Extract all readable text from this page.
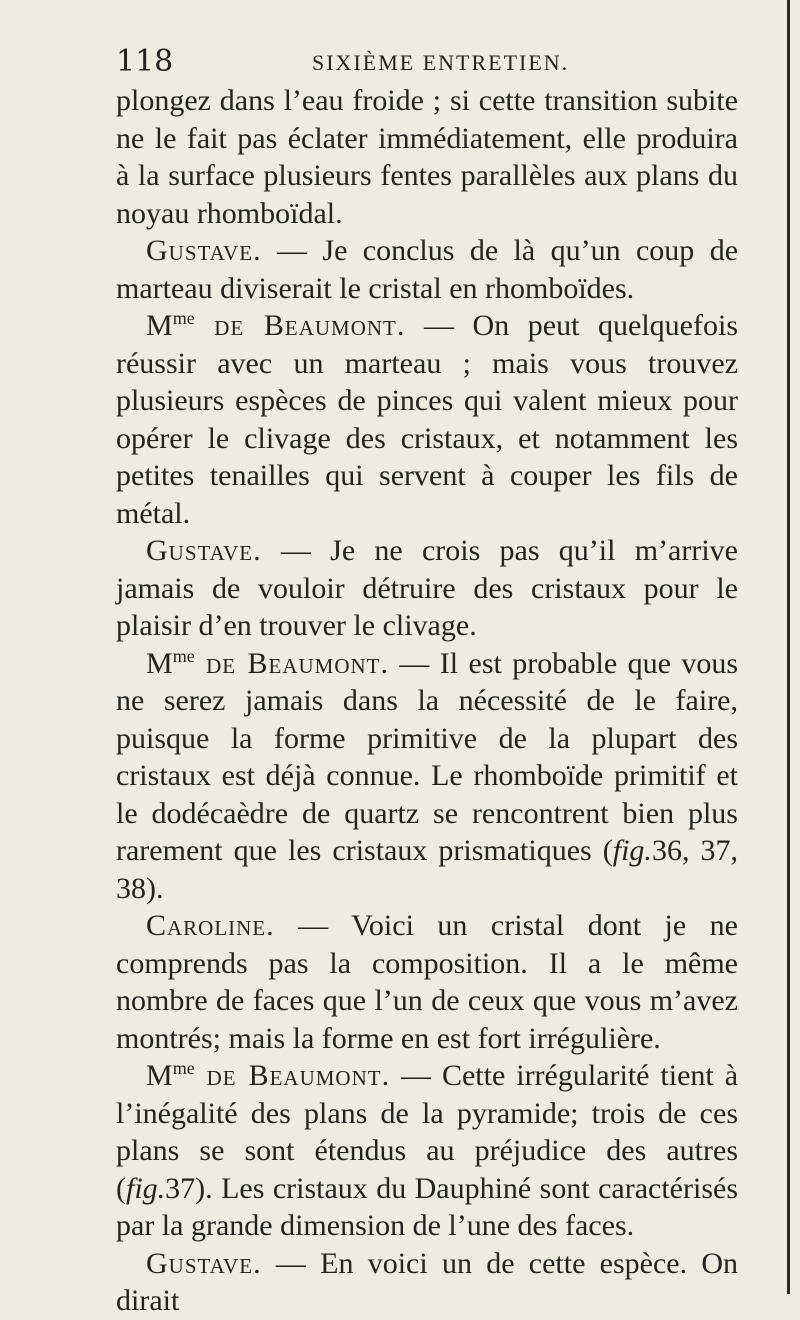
118	SIXIÈME ENTRETIEN.

plongez dans l’eau froide ; si cette transition subite ne le fait pas éclater immédiatement, elle produira à la surface plusieurs fentes parallèles aux plans du noyau rhomboïdal.

Gustave. — Je conclus de là qu’un coup de marteau diviserait le cristal en rhomboïdes.

$M^{me}$ de Beaumont. — On peut quelquefois réussir avec un marteau ; mais vous trouvez plusieurs espèces de pinces qui valent mieux pour opérer le clivage des cristaux, et notamment les petites tenailles qui servent à couper les fils de métal.

Gustave. — Je ne crois pas qu’il m’arrive jamais de vouloir détruire des cristaux pour le plaisir d’en trouver le clivage.

$M^{me}$ de Beaumont. — Il est probable que vous ne serez jamais dans la nécessité de le faire, puisque la forme primitive de la plupart des cristaux est déjà connue. Le rhomboïde primitif et le dodécaèdre de quartz se rencontrent bien plus rarement que les cristaux prismatiques (fig.36, 37, 38).

Caroline. — Voici un cristal dont je ne comprends pas la composition. Il a le même nombre de faces que l’un de ceux que vous m’avez montrés; mais la forme en est fort irrégulière.

$M^{me}$ de Beaumont. — Cette irrégularité tient à l’inégalité des plans de la pyramide; trois de ces plans se sont étendus au préjudice des autres (fig.37). Les cristaux du Dauphiné sont caractérisés par la grande dimension de l’une des faces.

Gustave. — En voici un de cette espèce. On dirait
